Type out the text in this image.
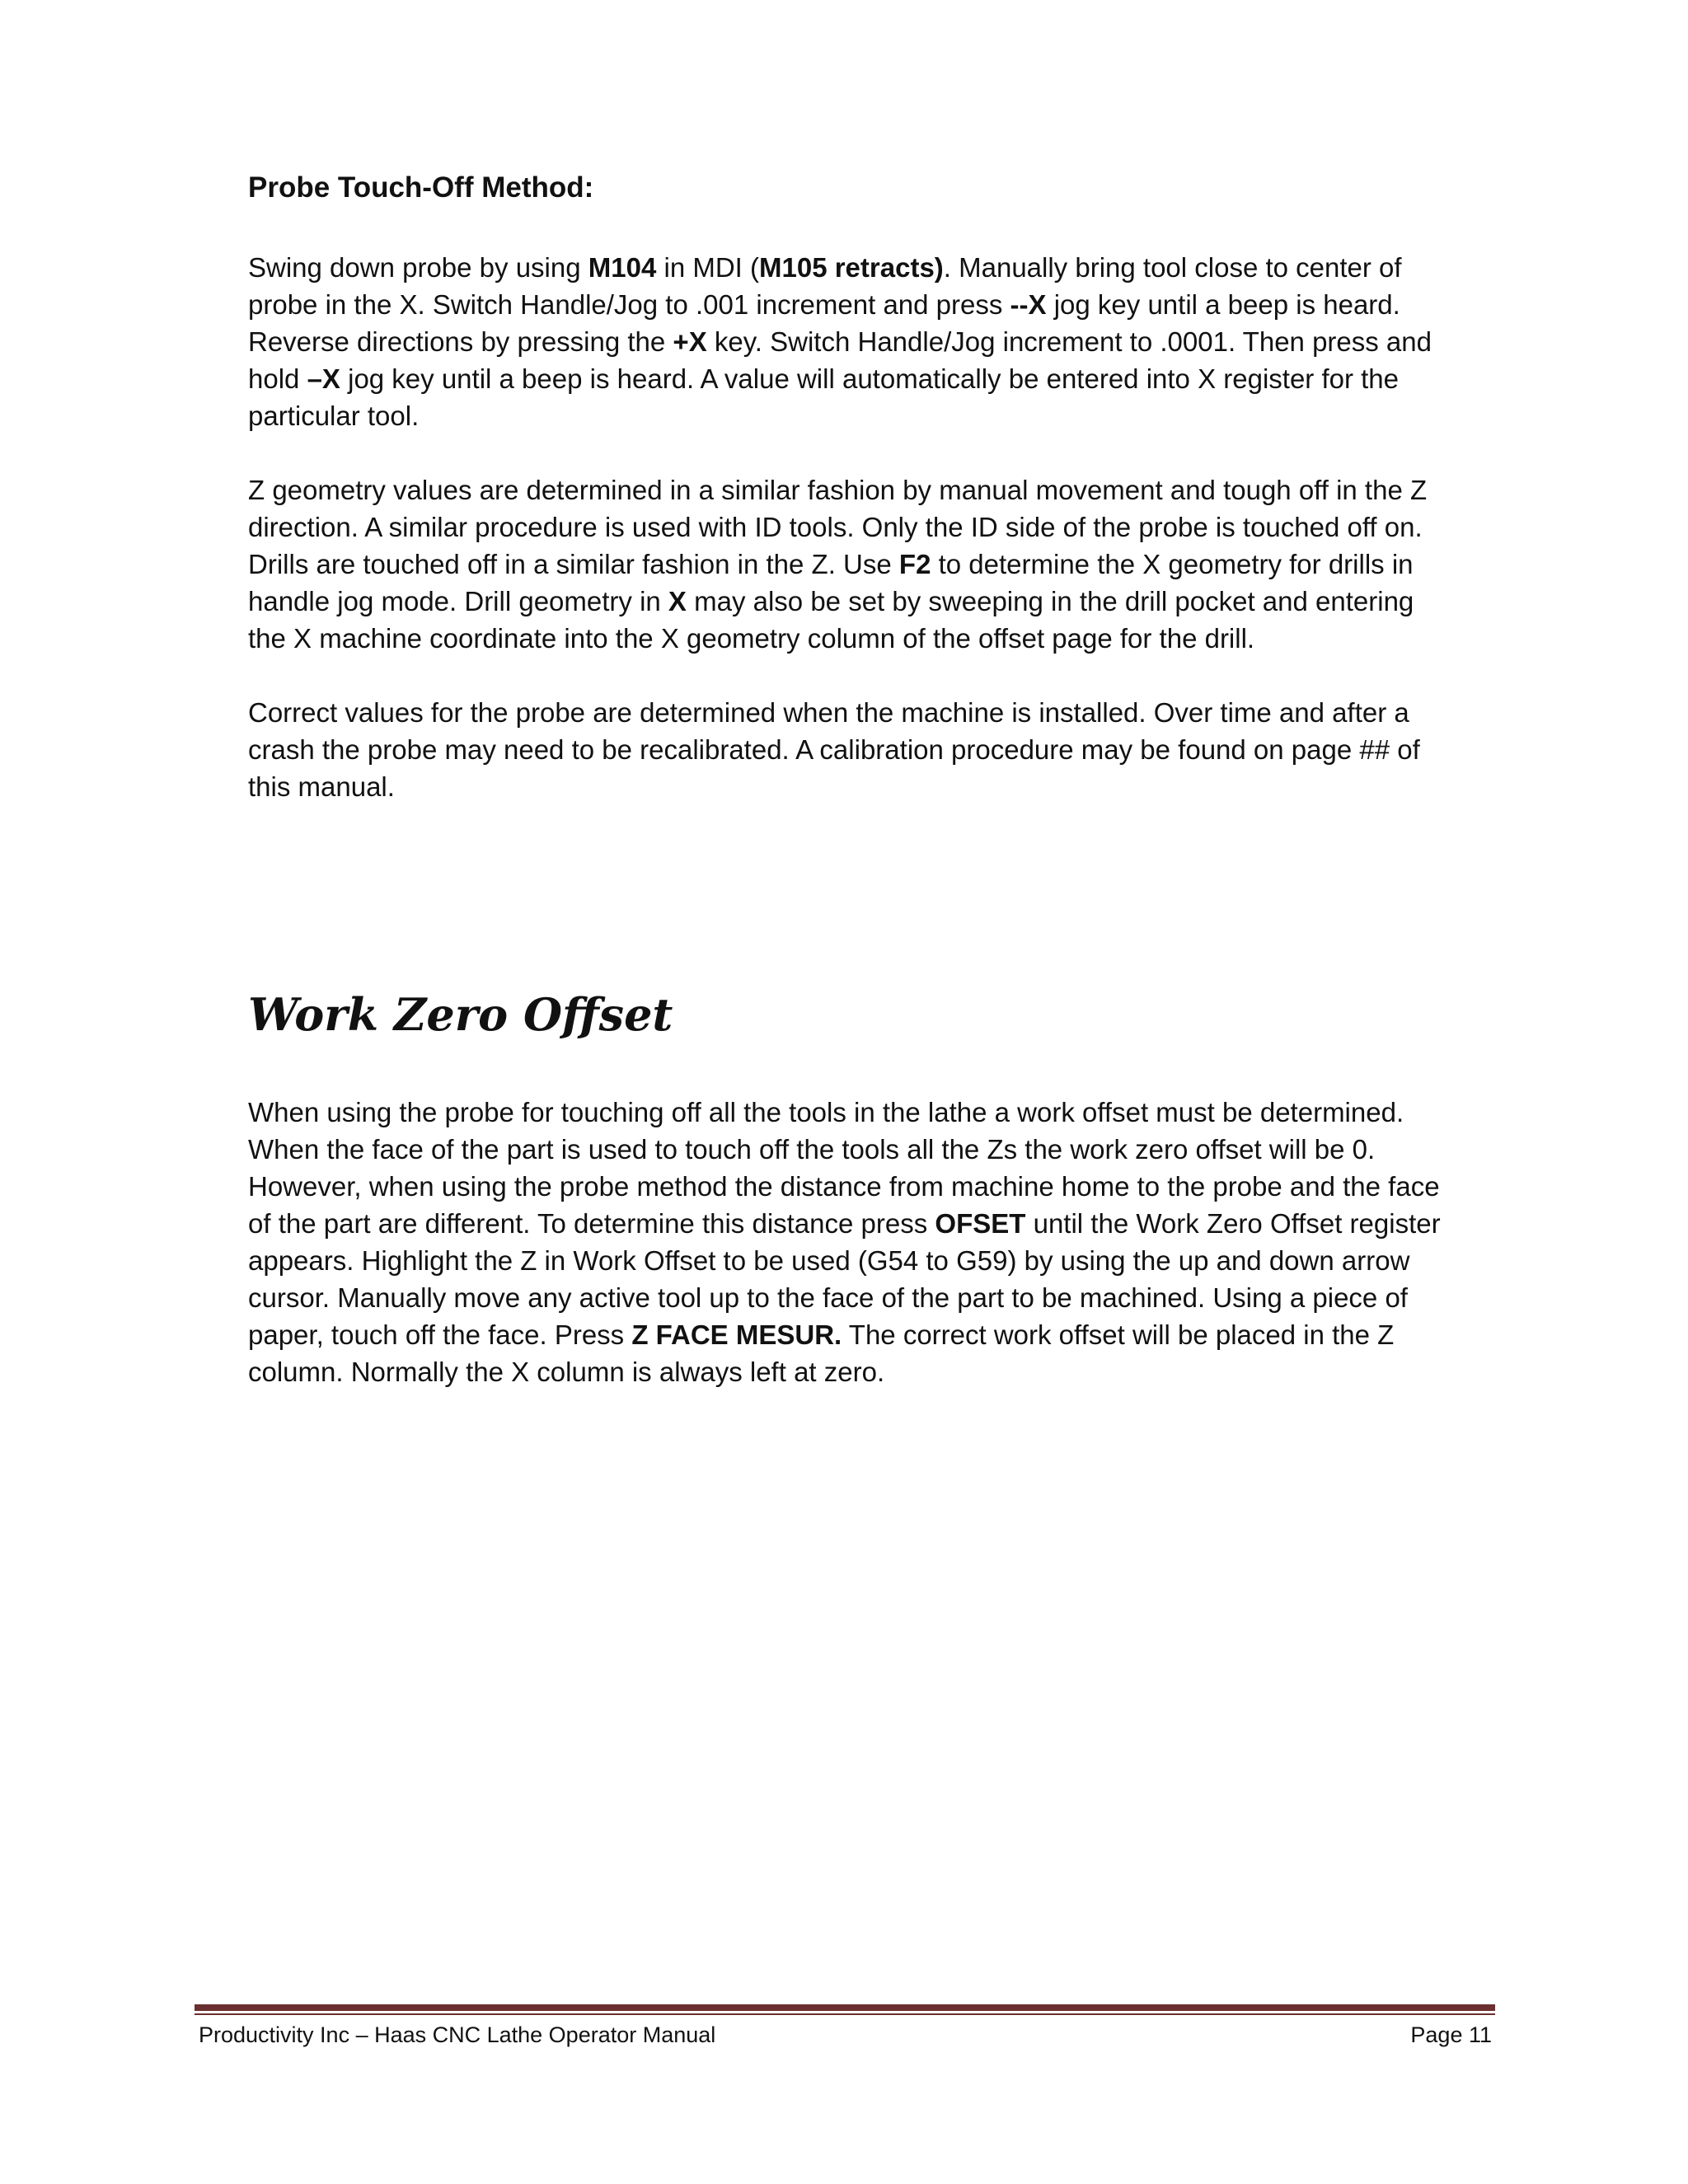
Probe Touch-Off Method:

Swing down probe by using M104 in MDI (M105 retracts). Manually bring tool close to center of
probe in the X. Switch Handle/Jog to .001 increment and press --X jog key until a beep is heard.
Reverse directions by pressing the +X key. Switch Handle/Jog increment to .0001. Then press and
hold –X jog key until a beep is heard. A value will automatically be entered into X register for the
particular tool.

Z geometry values are determined in a similar fashion by manual movement and tough off in the Z
direction. A similar procedure is used with ID tools. Only the ID side of the probe is touched off on.
Drills are touched off in a similar fashion in the Z. Use F2 to determine the X geometry for drills in
handle jog mode. Drill geometry in X may also be set by sweeping in the drill pocket and entering
the X machine coordinate into the X geometry column of the offset page for the drill.

Correct values for the probe are determined when the machine is installed. Over time and after a
crash the probe may need to be recalibrated. A calibration procedure may be found on page ## of
this manual.

Work Zero Offset

When using the probe for touching off all the tools in the lathe a work offset must be determined.
When the face of the part is used to touch off the tools all the Zs the work zero offset will be 0.
However, when using the probe method the distance from machine home to the probe and the face
of the part are different. To determine this distance press OFSET until the Work Zero Offset register
appears. Highlight the Z in Work Offset to be used (G54 to G59) by using the up and down arrow
cursor. Manually move any active tool up to the face of the part to be machined. Using a piece of
paper, touch off the face. Press Z FACE MESUR. The correct work offset will be placed in the Z
column. Normally the X column is always left at zero.

Productivity Inc – Haas CNC Lathe Operator Manual	Page 11
